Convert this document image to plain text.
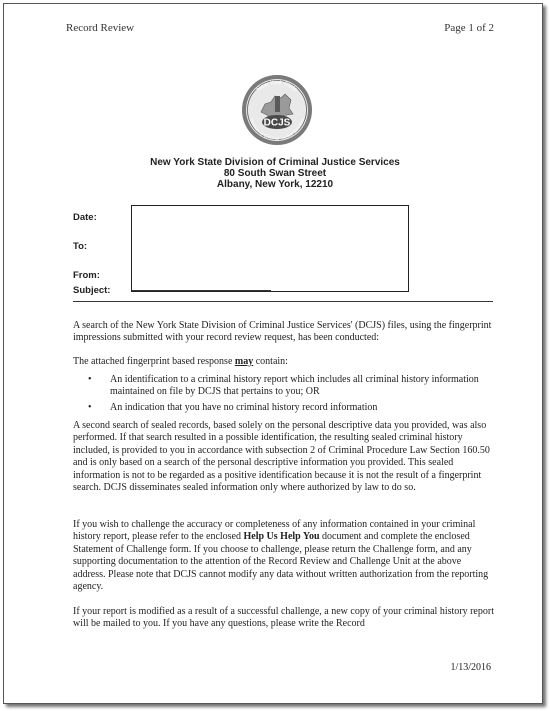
Record Review	Page 1 of 2
DCJS
New York State
Division of Criminal Justice Services
New York State Division of Criminal Justice Services
80 South Swan Street
Albany, New York, 12210
Date:
To:
From:
Subject:
A search of the New York State Division of Criminal Justice Services' (DCJS) files, using the fingerprint impressions submitted with your record review request, has been conducted:
The attached fingerprint based response may contain:
• An identification to a criminal history report which includes all criminal history information maintained on file by DCJS that pertains to you; OR
• An indication that you have no criminal history record information
A second search of sealed records, based solely on the personal descriptive data you provided, was also performed. If that search resulted in a possible identification, the resulting sealed criminal history included, is provided to you in accordance with subsection 2 of Criminal Procedure Law Section 160.50 and is only based on a search of the personal descriptive information you provided. This sealed information is not to be regarded as a positive identification because it is not the result of a fingerprint search. DCJS disseminates sealed information only where authorized by law to do so.
If you wish to challenge the accuracy or completeness of any information contained in your criminal history report, please refer to the enclosed Help Us Help You document and complete the enclosed Statement of Challenge form. If you choose to challenge, please return the Challenge form, and any supporting documentation to the attention of the Record Review and Challenge Unit at the above address. Please note that DCJS cannot modify any data without written authorization from the reporting agency.
If your report is modified as a result of a successful challenge, a new copy of your criminal history report will be mailed to you. If you have any questions, please write the Record
1/13/2016
